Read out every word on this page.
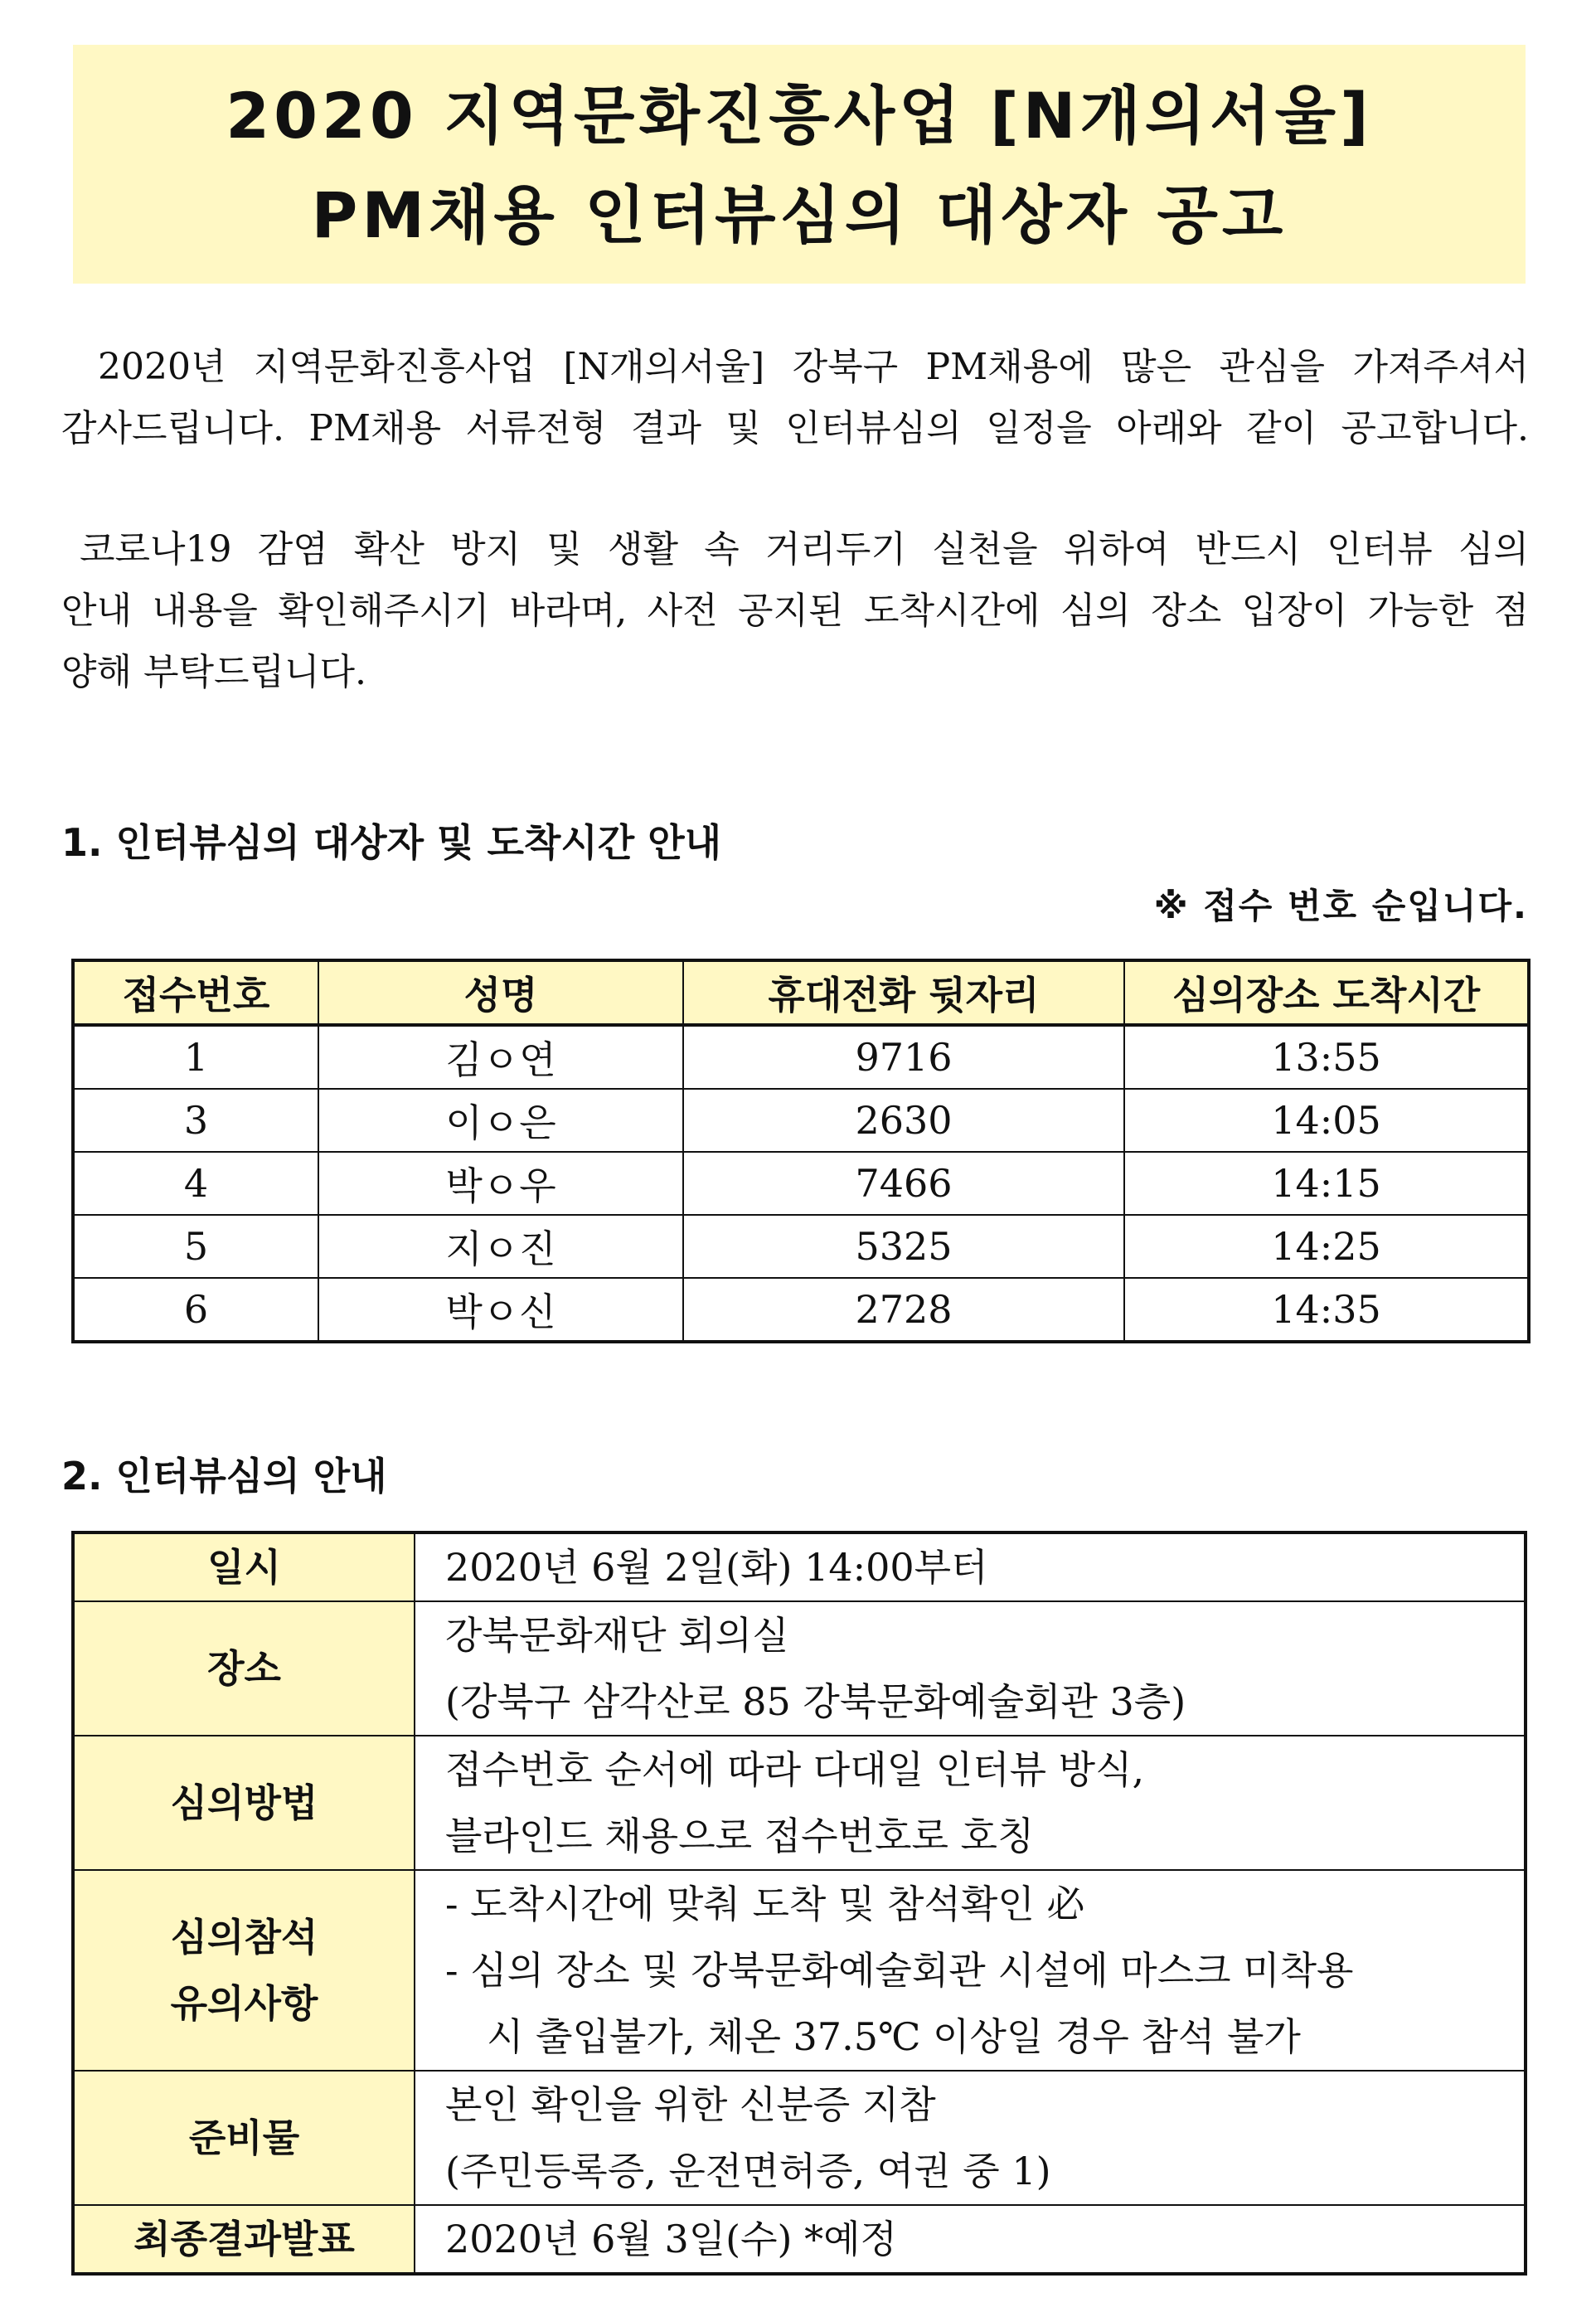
2020 지역문화진흥사업 [N개의서울]
PM채용 인터뷰심의 대상자 공고

2020년 지역문화진흥사업 [N개의서울] 강북구 PM채용에 많은 관심을 가져주셔서
감사드립니다. PM채용 서류전형 결과 및 인터뷰심의 일정을 아래와 같이 공고합니다.

코로나19 감염 확산 방지 및 생활 속 거리두기 실천을 위하여 반드시 인터뷰 심의
안내 내용을 확인해주시기 바라며, 사전 공지된 도착시간에 심의 장소 입장이 가능한 점
양해 부탁드립니다.

1. 인터뷰심의 대상자 및 도착시간 안내

※ 접수 번호 순입니다.

접수번호	성명	휴대전화 뒷자리	심의장소 도착시간
1	김ㅇ연	9716	13:55
3	이ㅇ은	2630	14:05
4	박ㅇ우	7466	14:15
5	지ㅇ진	5325	14:25
6	박ㅇ신	2728	14:35
2. 인터뷰심의 안내
일시	2020년 6월 2일(화) 14:00부터

장소	강북문화재단 회의실
(강북구 삼각산로 85 강북문화예술회관 3층)

심의방법	접수번호 순서에 따라 다대일 인터뷰 방식,
블라인드 채용으로 접수번호로 호칭

심의참석
유의사항	- 도착시간에 맞춰 도착 및 참석확인 必
- 심의 장소 및 강북문화예술회관 시설에 마스크 미착용
시 출입불가, 체온 37.5℃ 이상일 경우 참석 불가

준비물	본인 확인을 위한 신분증 지참
(주민등록증, 운전면허증, 여권 중 1)

최종결과발표	2020년 6월 3일(수) *예정
